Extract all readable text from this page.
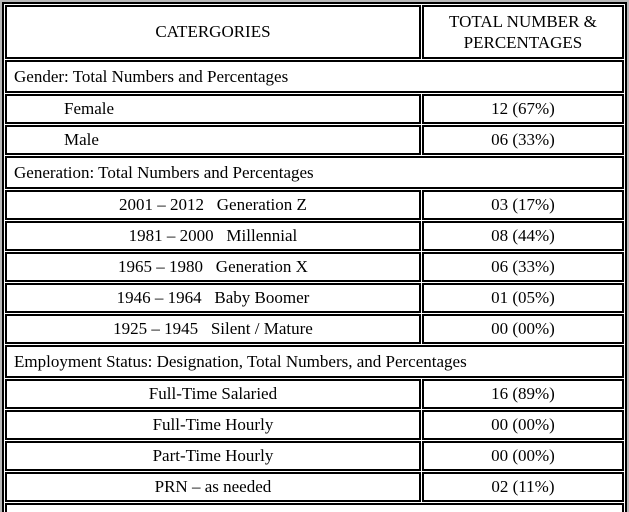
CATERGORIES	TOTAL NUMBER & PERCENTAGES
Gender: Total Numbers and Percentages	
Female	12 (67%)
Male	06 (33%)
Generation: Total Numbers and Percentages	
2001 – 2012   Generation Z	03 (17%)
1981 – 2000   Millennial	08 (44%)
1965 – 1980   Generation X	06 (33%)
1946 – 1964   Baby Boomer	01 (05%)
1925 – 1945   Silent / Mature	00 (00%)
Employment Status: Designation, Total Numbers, and Percentages	
Full-Time Salaried	16 (89%)
Full-Time Hourly	00 (00%)
Part-Time Hourly	00 (00%)
PRN – as needed	02 (11%)
